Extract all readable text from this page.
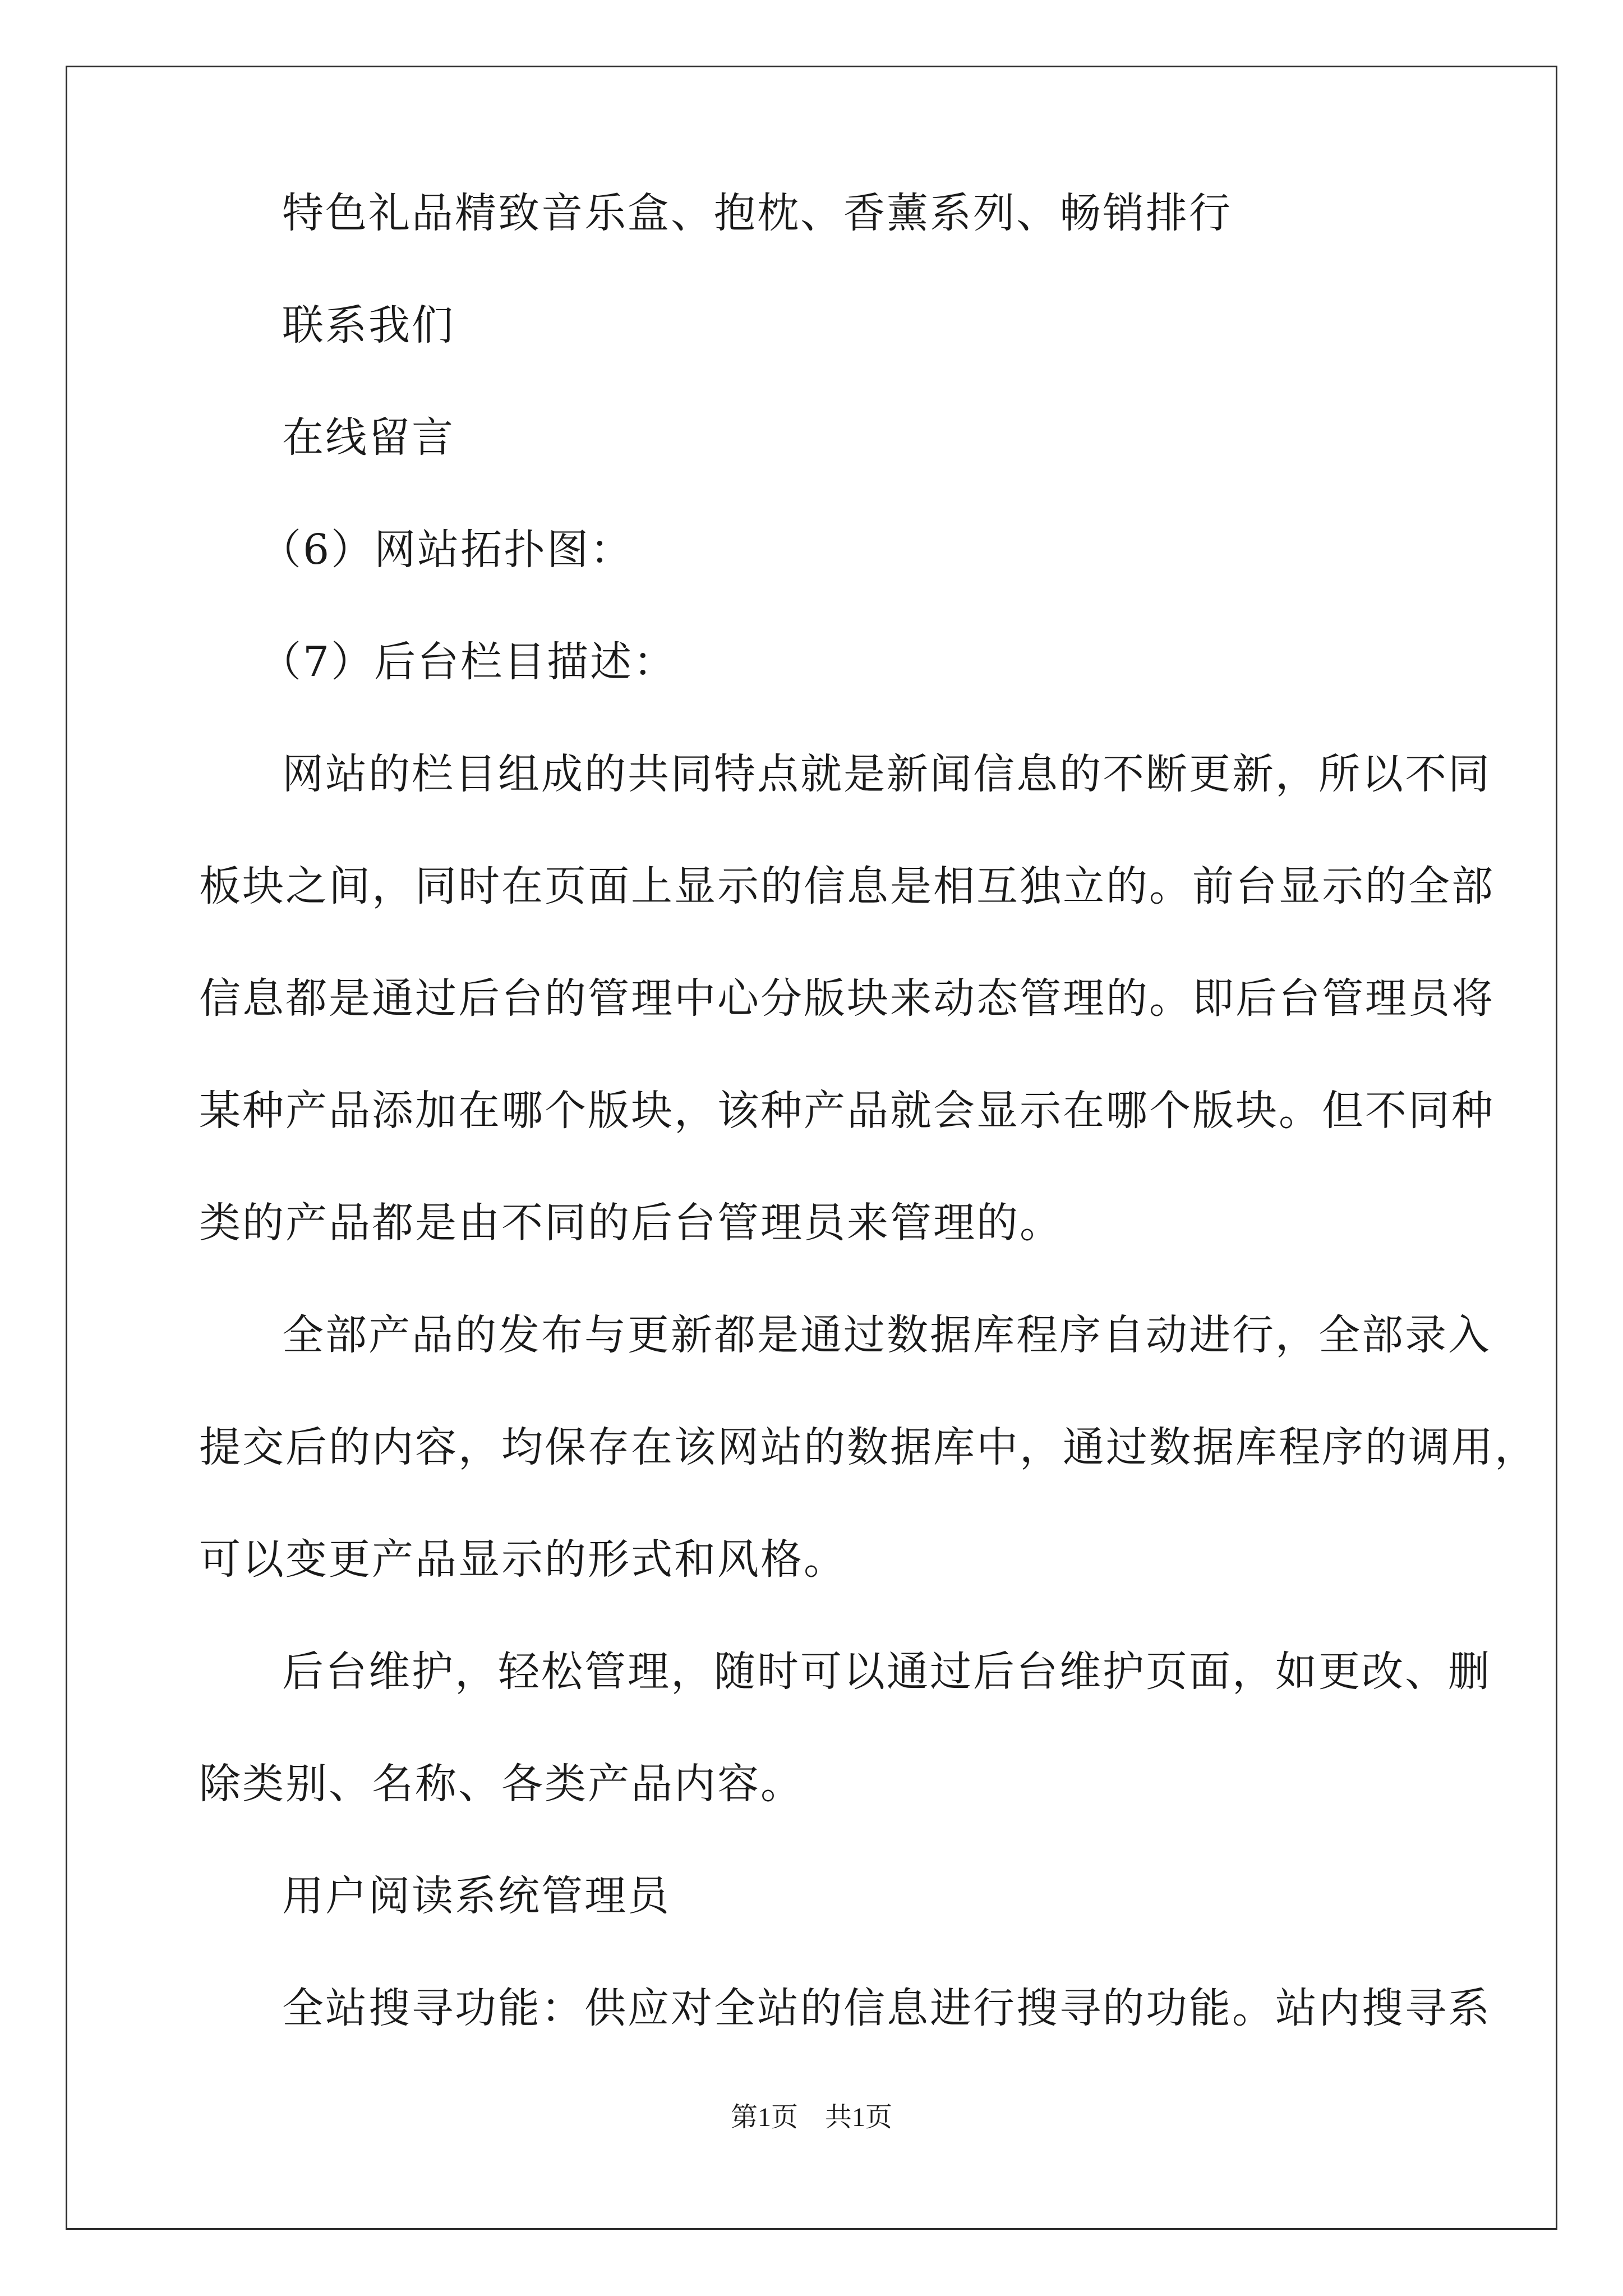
特色礼品精致音乐盒、抱枕、香薰系列、畅销排行
联系我们
在线留言
（6）网站拓扑图：
（7）后台栏目描述：
网站的栏目组成的共同特点就是新闻信息的不断更新，所以不同
板块之间，同时在页面上显示的信息是相互独立的。前台显示的全部
信息都是通过后台的管理中心分版块来动态管理的。即后台管理员将
某种产品添加在哪个版块，该种产品就会显示在哪个版块。但不同种
类的产品都是由不同的后台管理员来管理的。
全部产品的发布与更新都是通过数据库程序自动进行，全部录入
提交后的内容，均保存在该网站的数据库中，通过数据库程序的调用，
可以变更产品显示的形式和风格。
后台维护，轻松管理，随时可以通过后台维护页面，如更改、删
除类别、名称、各类产品内容。
用户阅读系统管理员
全站搜寻功能：供应对全站的信息进行搜寻的功能。站内搜寻系
第1页 共1页
